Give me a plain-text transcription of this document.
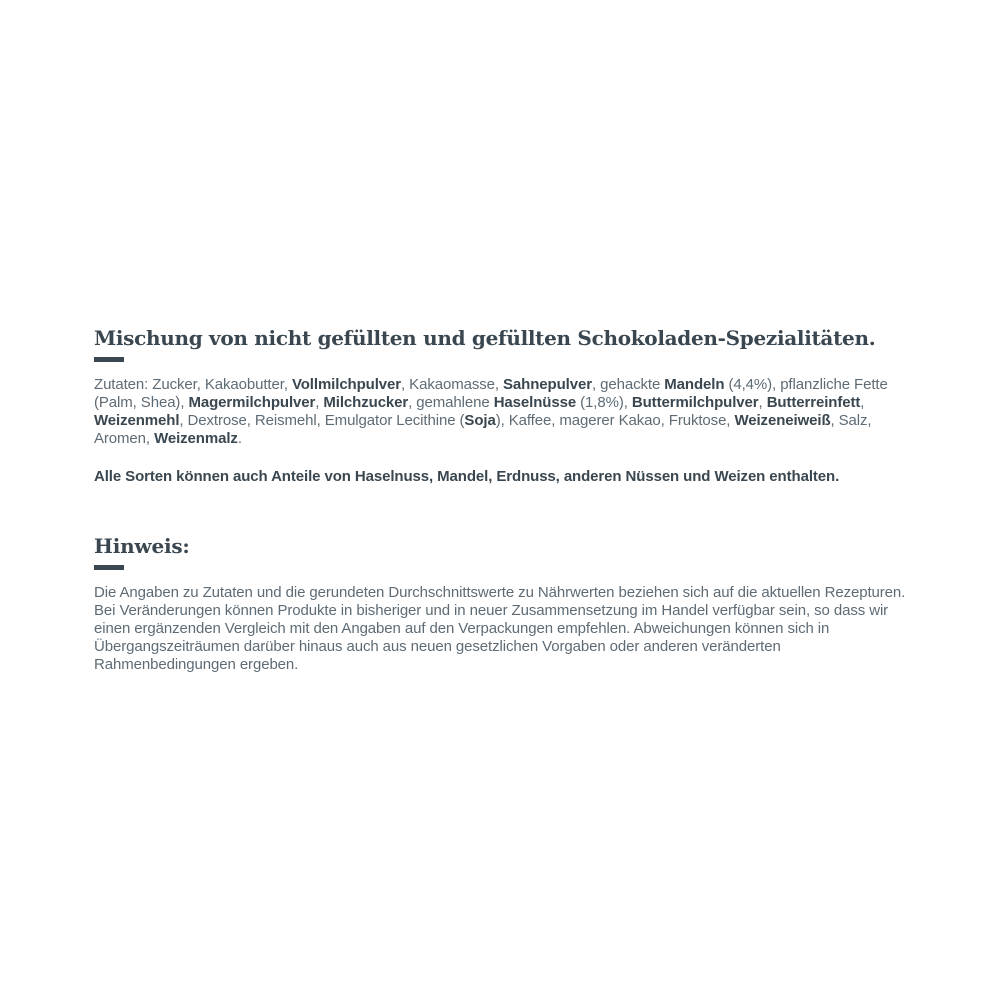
Mischung von nicht gefüllten und gefüllten Schokoladen-Spezialitäten.

Zutaten: Zucker, Kakaobutter, Vollmilchpulver, Kakaomasse, Sahnepulver, gehackte Mandeln (4,4%), pflanzliche Fette (Palm, Shea), Magermilchpulver, Milchzucker, gemahlene Haselnüsse (1,8%), Buttermilchpulver, Butterreinfett, Weizenmehl, Dextrose, Reismehl, Emulgator Lecithine (Soja), Kaffee, magerer Kakao, Fruktose, Weizeneiweiß, Salz, Aromen, Weizenmalz.

Alle Sorten können auch Anteile von Haselnuss, Mandel, Erdnuss, anderen Nüssen und Weizen enthalten.

Hinweis:

Die Angaben zu Zutaten und die gerundeten Durchschnittswerte zu Nährwerten beziehen sich auf die aktuellen Rezepturen. Bei Veränderungen können Produkte in bisheriger und in neuer Zusammensetzung im Handel verfügbar sein, so dass wir einen ergänzenden Vergleich mit den Angaben auf den Verpackungen empfehlen. Abweichungen können sich in Übergangszeiträumen darüber hinaus auch aus neuen gesetzlichen Vorgaben oder anderen veränderten Rahmenbedingungen ergeben.
